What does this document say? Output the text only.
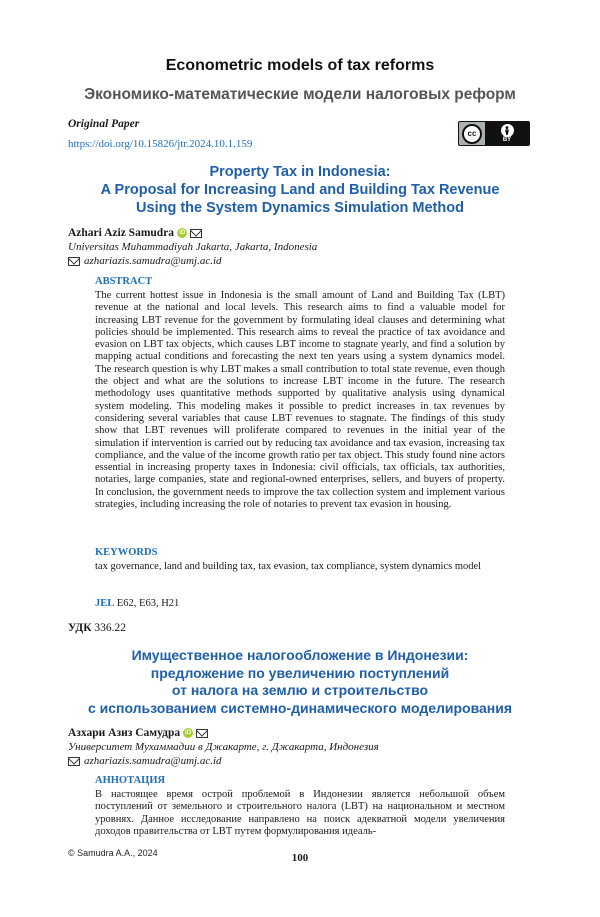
Econometric models of tax reforms
Экономико-математические модели налоговых реформ
Original Paper
https://doi.org/10.15826/jtr.2024.10.1.159
cc
BY
Property Tax in Indonesia:
A Proposal for Increasing Land and Building Tax Revenue
Using the System Dynamics Simulation Method
Azhari Aziz Samudra iD
Universitas Muhammadiyah Jakarta, Jakarta, Indonesia
azhariazis.samudra@umj.ac.id
ABSTRACT
The current hottest issue in Indonesia is the small amount of Land and Building Tax (LBT) revenue at the national and local levels. This research aims to find a valuable model for increasing LBT revenue for the government by formulating ideal clauses and determining what policies should be implemented. This research aims to reveal the practice of tax avoidance and evasion on LBT tax objects, which causes LBT income to stagnate yearly, and find a solution by mapping actual conditions and forecasting the next ten years using a system dynamics model. The research question is why LBT makes a small contribution to total state revenue, even though the object and what are the solutions to increase LBT income in the future. The research methodology uses quantitative methods supported by qualitative analysis using dynamical system modeling. This modeling makes it possible to predict increases in tax revenues by considering several variables that cause LBT revenues to stagnate. The findings of this study show that LBT revenues will proliferate compared to revenues in the initial year of the simulation if intervention is carried out by reducing tax avoidance and tax evasion, increasing tax compliance, and the value of the income growth ratio per tax object. This study found nine actors essential in increasing property taxes in Indonesia: civil officials, tax officials, tax authorities, notaries, large companies, state and regional-owned enterprises, sellers, and buyers of property. In conclusion, the government needs to improve the tax collection system and implement various strategies, including increasing the role of notaries to prevent tax evasion in housing.
KEYWORDS
tax governance, land and building tax, tax evasion, tax compliance, system dynamics model
JEL E62, E63, H21
УДК 336.22
Имущественное налогообложение в Индонезии:
предложение по увеличению поступлений
от налога на землю и строительство
с использованием системно-динамического моделирования
Азхари Азиз Самудра iD
Университет Мухаммадии в Джакарте, г. Джакарта, Индонезия
azhariazis.samudra@umj.ac.id
АННОТАЦИЯ
В настоящее время острой проблемой в Индонезии является небольшой объем поступлений от земельного и строительного налога (LBT) на национальном и местном уровнях. Данное исследование направлено на поиск адекватной модели увеличения доходов правительства от LBT путем формулирования идеаль-
© Samudra A.A., 2024	100
